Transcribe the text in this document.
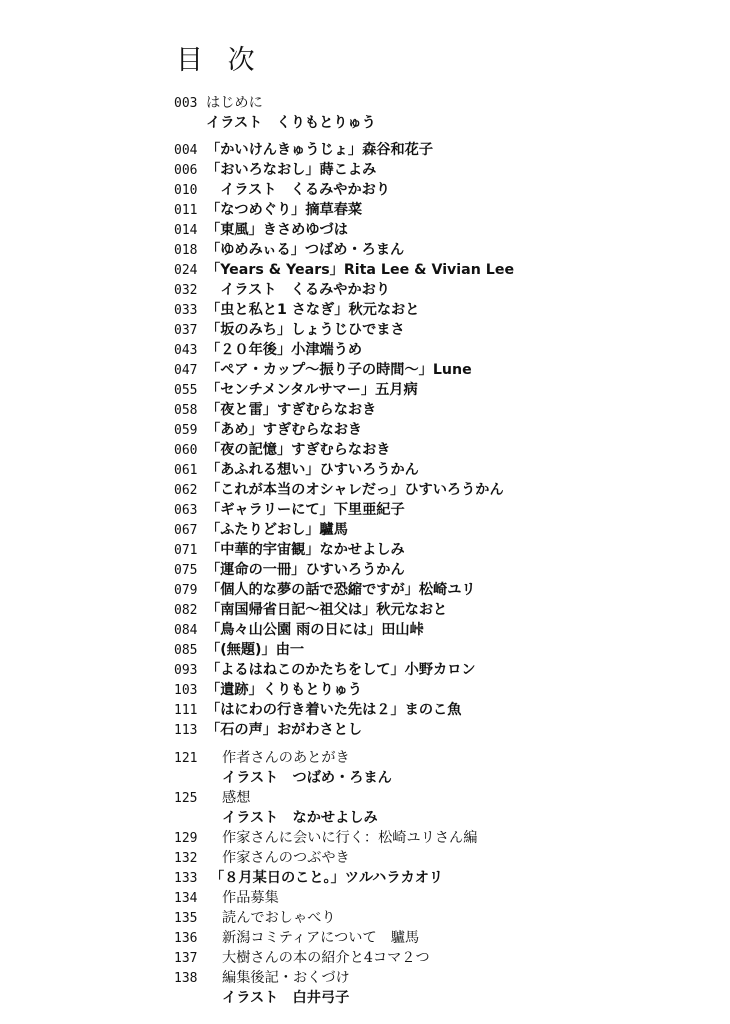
目 次
003 はじめに
イラスト　くりもとりゅう
004 「かいけんきゅうじょ」森谷和花子
006 「おいろなおし」蒔こよみ
010　イラスト　くるみやかおり
011 「なつめぐり」摘草春菜
014 「東風」きさめゆづは
018 「ゆめみぃる」つばめ・ろまん
024 「Years & Years」Rita Lee & Vivian Lee
032　イラスト　くるみやかおり
033 「虫と私と1 さなぎ」秋元なおと
037 「坂のみち」しょうじひでまさ
043 「２０年後」小津端うめ
047 「ペア・カップ～振り子の時間～」Lune
055 「センチメンタルサマー」五月病
058 「夜と雷」すぎむらなおき
059 「あめ」すぎむらなおき
060 「夜の記憶」すぎむらなおき
061 「あふれる想い」ひすいろうかん
062 「これが本当のオシャレだっ」ひすいろうかん
063 「ギャラリーにて」下里亜紀子
067 「ふたりどおし」驢馬
071 「中華的宇宙観」なかせよしみ
075 「運命の一冊」ひすいろうかん
079 「個人的な夢の話で恐縮ですが」松崎ユリ
082 「南国帰省日記～祖父は」秋元なおと
084 「鳥々山公園 雨の日には」田山峠
085 「(無題)」由一
093 「よるはねこのかたちをして」小野カロン
103 「遺跡」くりもとりゅう
111 「はにわの行き着いた先は２」まのこ魚
113 「石の声」おがわさとし
121 作者さんのあとがき
イラスト　つばめ・ろまん
125 感想
イラスト　なかせよしみ
129 作家さんに会いに行く：松崎ユリさん編
132 作家さんのつぶやき
133 「８月某日のこと。」ツルハラカオリ
134 作品募集
135 読んでおしゃべり
136 新潟コミティアについて　驢馬
137 大樹さんの本の紹介と4コマ２つ
138 編集後記・おくづけ
イラスト　白井弓子
